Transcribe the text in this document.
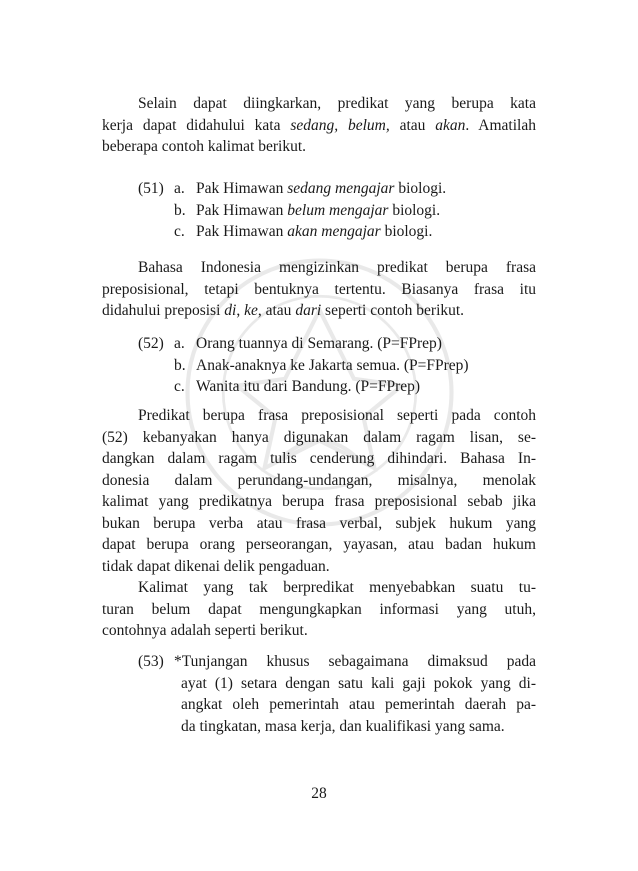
Selain dapat diingkarkan, predikat yang berupa kata
kerja dapat didahului kata sedang, belum, atau akan. Amatilah
beberapa contoh kalimat berikut.
(51) a. Pak Himawan sedang mengajar biologi.
b. Pak Himawan belum mengajar biologi.
c. Pak Himawan akan mengajar biologi.
Bahasa Indonesia mengizinkan predikat berupa frasa
preposisional, tetapi bentuknya tertentu. Biasanya frasa itu
didahului preposisi di, ke, atau dari seperti contoh berikut.
(52) a. Orang tuannya di Semarang. (P=FPrep)
b. Anak-anaknya ke Jakarta semua. (P=FPrep)
c. Wanita itu dari Bandung. (P=FPrep)
Predikat berupa frasa preposisional seperti pada contoh
(52) kebanyakan hanya digunakan dalam ragam lisan, se-
dangkan dalam ragam tulis cenderung dihindari. Bahasa In-
donesia dalam perundang-undangan, misalnya, menolak
kalimat yang predikatnya berupa frasa preposisional sebab jika
bukan berupa verba atau frasa verbal, subjek hukum yang
dapat berupa orang perseorangan, yayasan, atau badan hukum
tidak dapat dikenai delik pengaduan.
Kalimat yang tak berpredikat menyebabkan suatu tu-
turan belum dapat mengungkapkan informasi yang utuh,
contohnya adalah seperti berikut.
(53) *Tunjangan khusus sebagaimana dimaksud pada
ayat (1) setara dengan satu kali gaji pokok yang di-
angkat oleh pemerintah atau pemerintah daerah pa-
da tingkatan, masa kerja, dan kualifikasi yang sama.
28
